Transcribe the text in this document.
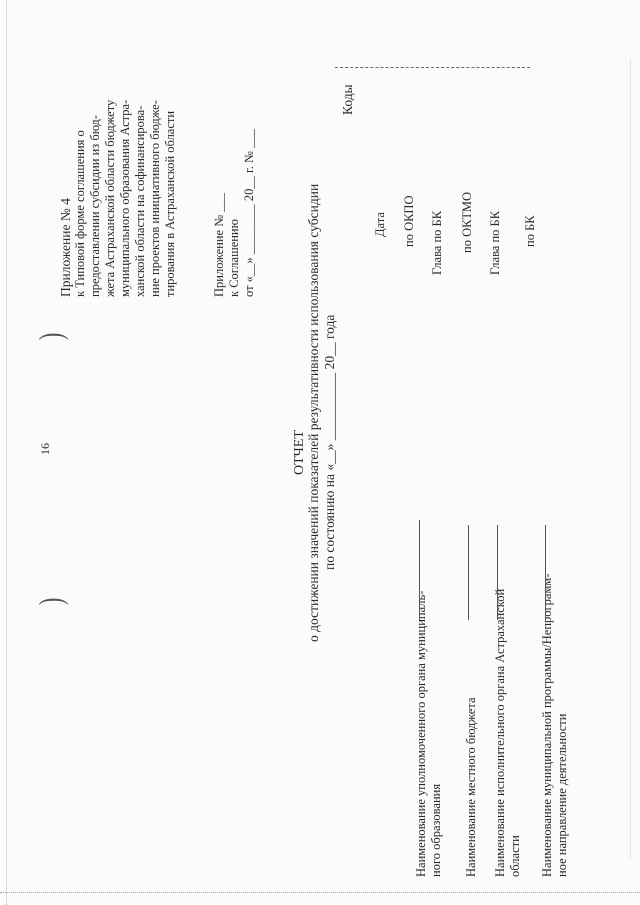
)
16
)
Приложение № 4 к Типовой форме соглашения о предоставлении субсидии из бюд- жета Астраханской области бюджету муниципального образования Астра- ханской области на софинансирова- ние проектов инициативного бюдже- тирования в Астраханской области	Приложение № ___ к Соглашению от «__» ________ 20__ г. № ___
ОТЧЕТ о достижении значений показателей результативности использования субсидии по состоянию на «__» __________ 20__ года
Коды
Наименование уполномоченного органа муниципаль- ного образования Наименование местного бюджета Наименование исполнительного органа Астраханской области Наименование муниципальной программы/Непрограмм- ное направление деятельности
Дата по ОКПО Глава по БК по ОКТМО Глава по БК по БК
